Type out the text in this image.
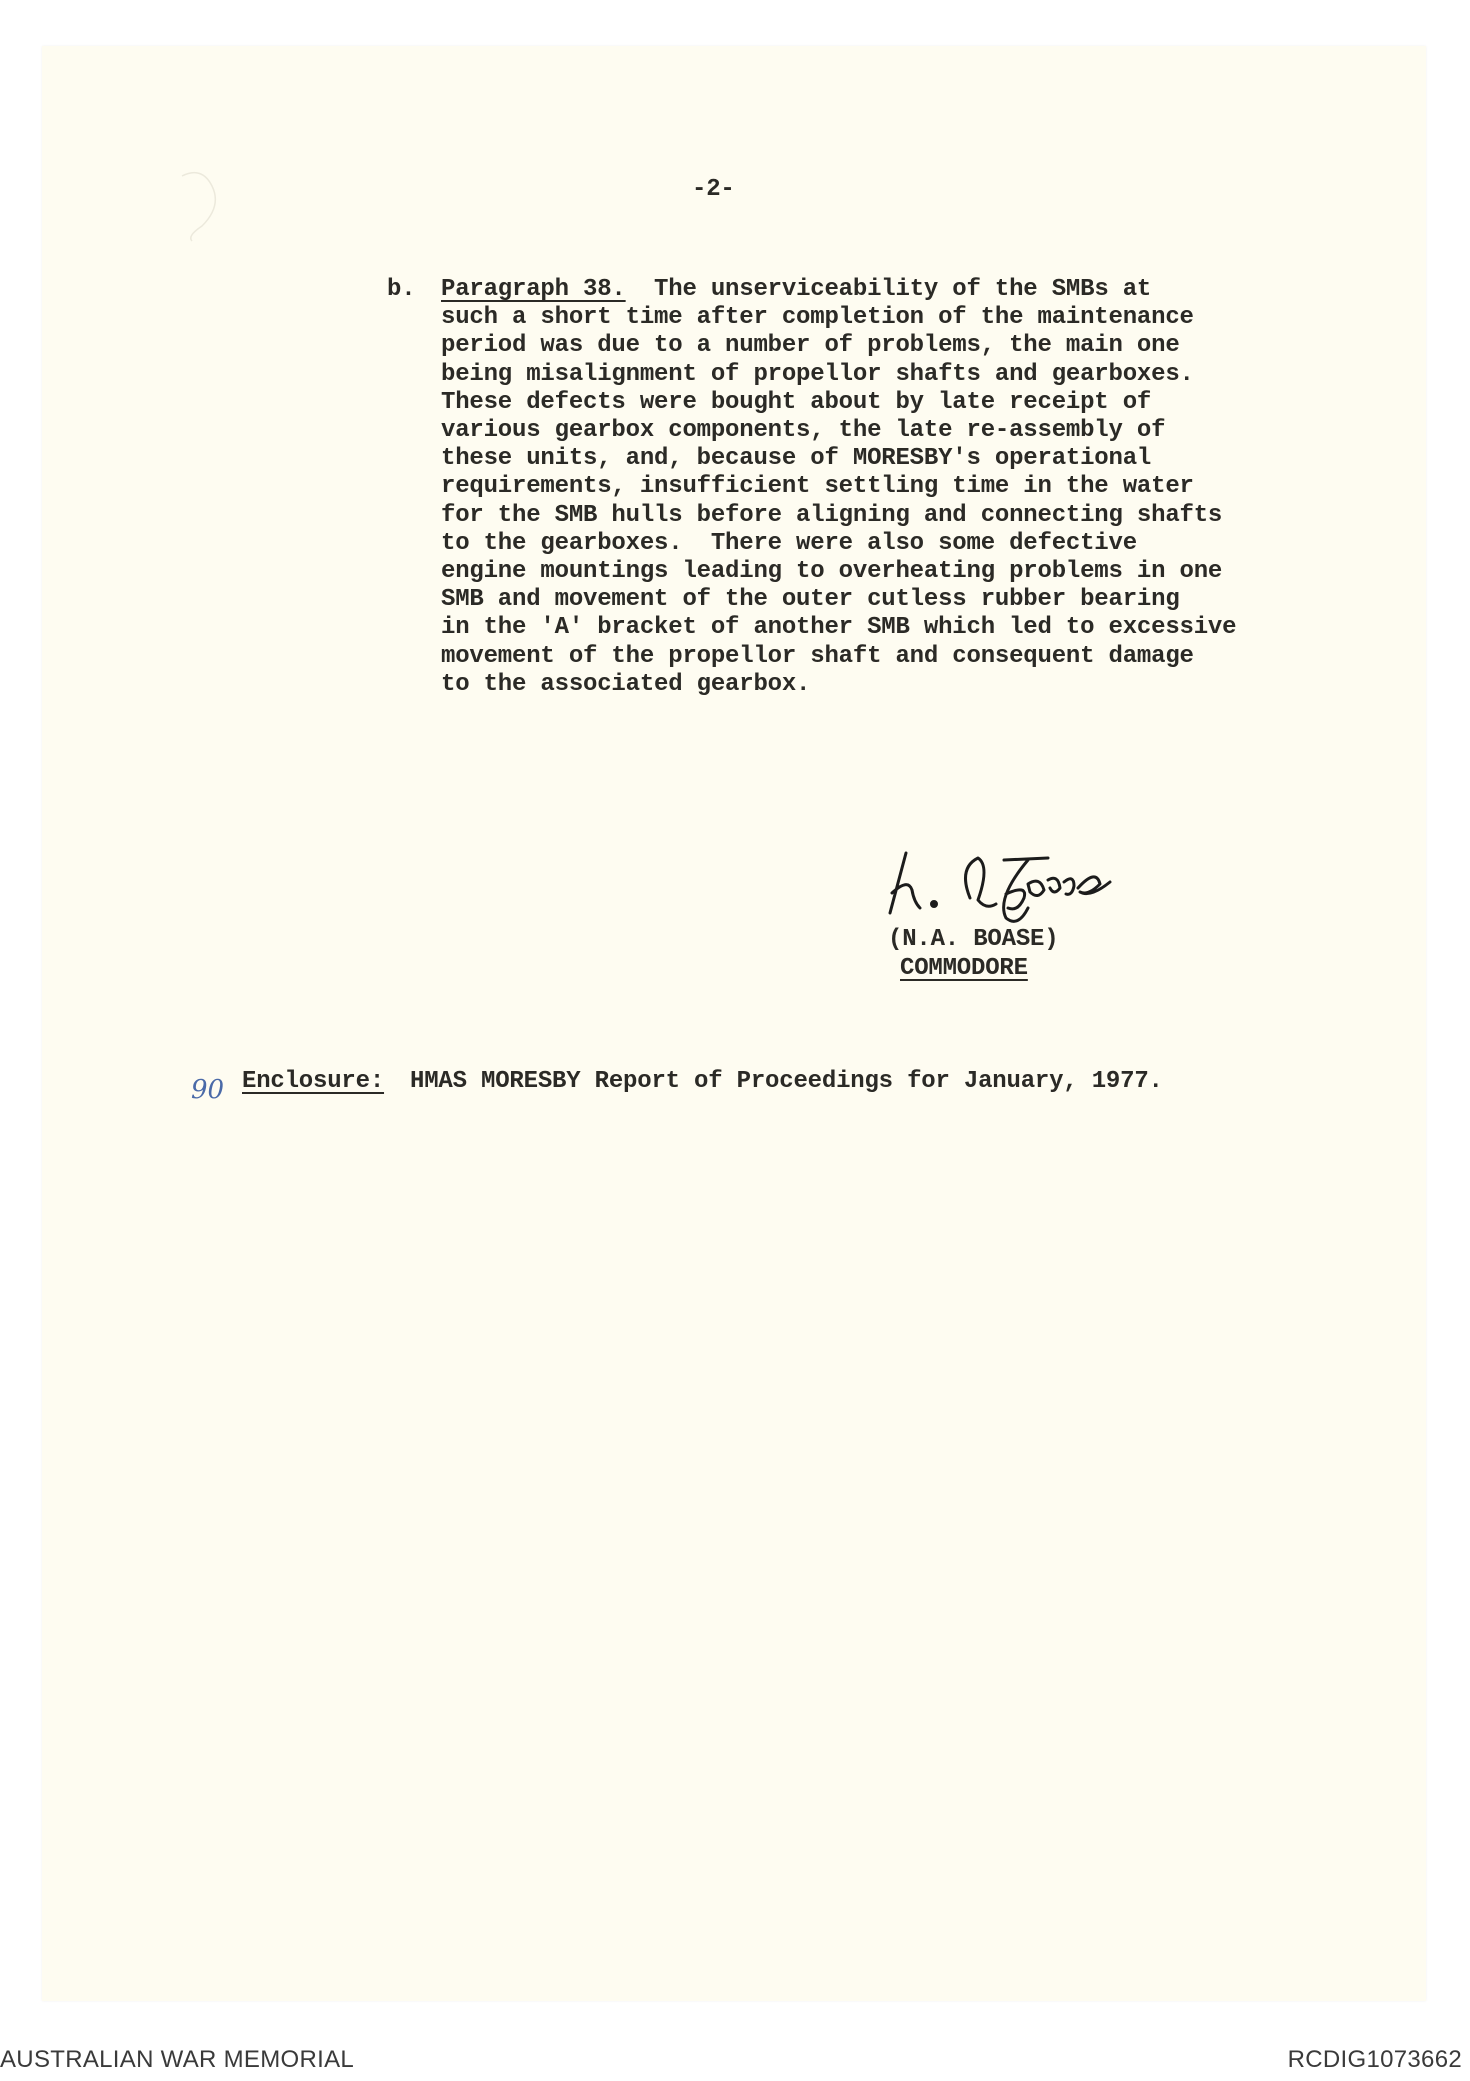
-2-
b. Paragraph 38.  The unserviceability of the SMBs at
such a short time after completion of the maintenance
period was due to a number of problems, the main one
being misalignment of propellor shafts and gearboxes.
These defects were bought about by late receipt of
various gearbox components, the late re-assembly of
these units, and, because of MORESBY's operational
requirements, insufficient settling time in the water
for the SMB hulls before aligning and connecting shafts
to the gearboxes.  There were also some defective
engine mountings leading to overheating problems in one
SMB and movement of the outer cutless rubber bearing
in the 'A' bracket of another SMB which led to excessive
movement of the propellor shaft and consequent damage
to the associated gearbox.
(N.A. BOASE)
COMMODORE
90 Enclosure: HMAS MORESBY Report of Proceedings for January, 1977.
AUSTRALIAN WAR MEMORIAL	RCDIG1073662
